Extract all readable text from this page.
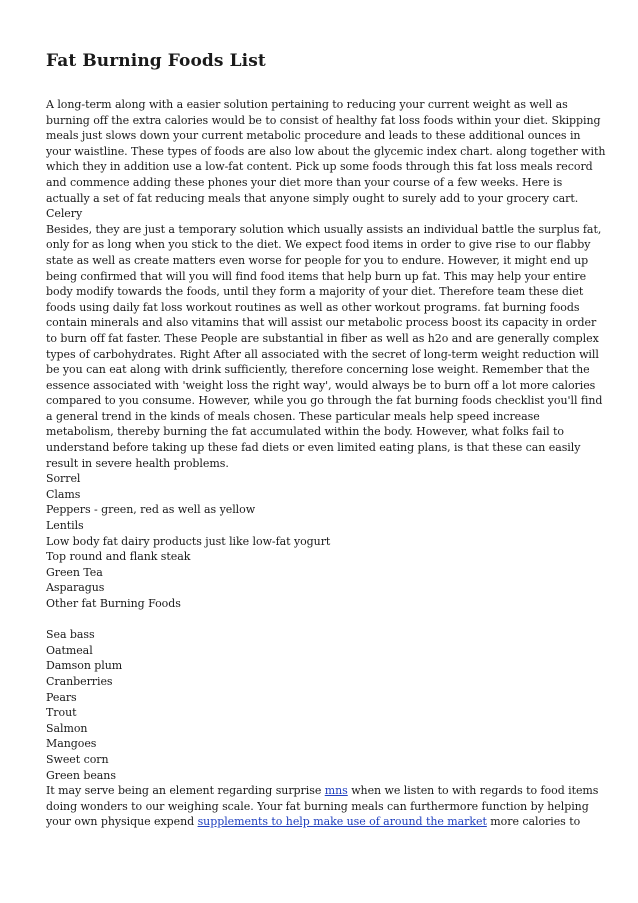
Fat Burning Foods List
A long-term along with a easier solution pertaining to reducing your current weight as well as
burning off the extra calories would be to consist of healthy fat loss foods within your diet. Skipping
meals just slows down your current metabolic procedure and leads to these additional ounces in
your waistline. These types of foods are also low about the glycemic index chart. along together with
which they in addition use a low-fat content. Pick up some foods through this fat loss meals record
and commence adding these phones your diet more than your course of a few weeks. Here is
actually a set of fat reducing meals that anyone simply ought to surely add to your grocery cart.
Celery
Besides, they are just a temporary solution which usually assists an individual battle the surplus fat,
only for as long when you stick to the diet. We expect food items in order to give rise to our flabby
state as well as create matters even worse for people for you to endure. However, it might end up
being confirmed that will you will find food items that help burn up fat. This may help your entire
body modify towards the foods, until they form a majority of your diet. Therefore team these diet
foods using daily fat loss workout routines as well as other workout programs. fat burning foods
contain minerals and also vitamins that will assist our metabolic process boost its capacity in order
to burn off fat faster. These People are substantial in fiber as well as h2o and are generally complex
types of carbohydrates. Right After all associated with the secret of long-term weight reduction will
be you can eat along with drink sufficiently, therefore concerning lose weight. Remember that the
essence associated with 'weight loss the right way', would always be to burn off a lot more calories
compared to you consume. However, while you go through the fat burning foods checklist you'll find
a general trend in the kinds of meals chosen. These particular meals help speed increase
metabolism, thereby burning the fat accumulated within the body. However, what folks fail to
understand before taking up these fad diets or even limited eating plans, is that these can easily
result in severe health problems.
Sorrel
Clams
Peppers - green, red as well as yellow
Lentils
Low body fat dairy products just like low-fat yogurt
Top round and flank steak
Green Tea
Asparagus
Other fat Burning Foods
Sea bass
Oatmeal
Damson plum
Cranberries
Pears
Trout
Salmon
Mangoes
Sweet corn
Green beans
It may serve being an element regarding surprise mns when we listen to with regards to food items
doing wonders to our weighing scale. Your fat burning meals can furthermore function by helping
your own physique expend supplements to help make use of around the market more calories to
